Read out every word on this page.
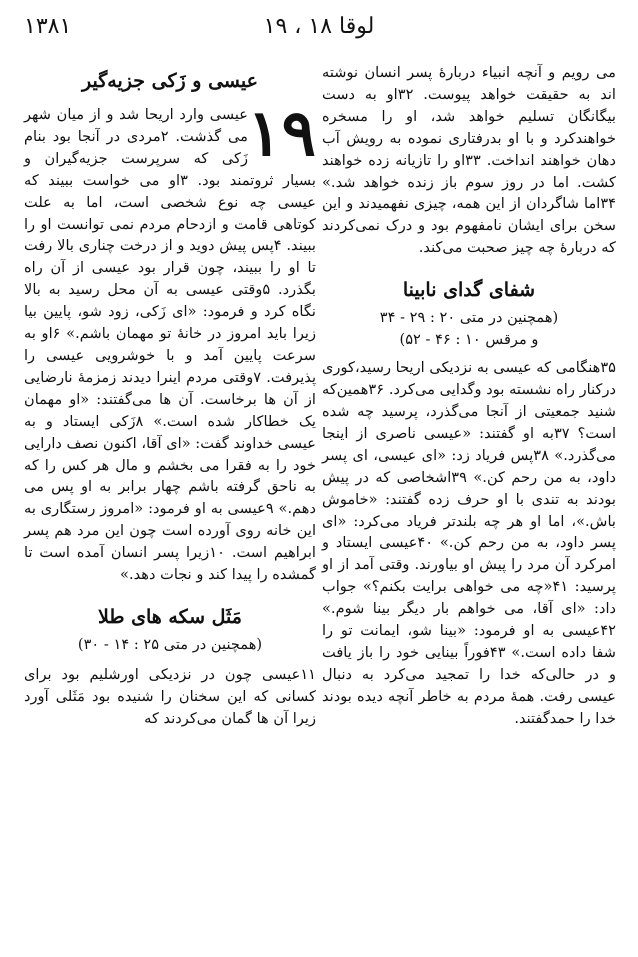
۱۳۸۱	لوقا ۱۸ ، ۱۹

می رویم و آنچه انبیاء دربارهٔ پسر انسان نوشته اند به حقیقت خواهد پیوست. ۳۲او به دست بیگانگان تسلیم خواهد شد، او را مسخره خواهندکرد و با او بدرفتاری نموده به رویش آب دهان خواهند انداخت. ۳۳او را تازیانه زده خواهند کشت. اما در روز سوم باز زنده خواهد شد.» ۳۴اما شاگردان از این همه، چیزی نفهمیدند و این سخن برای ایشان نامفهوم بود و درک نمی‌کردند که دربارهٔ چه چیز صحبت می‌کند.

شفای گدای نابینا
(همچنین در متی ۲۰ : ۲۹ - ۳۴
و مرقس ۱۰ : ۴۶ - ۵۲)

۳۵هنگامی که عیسی به نزدیکی اریحا رسید،کوری درکنار راه نشسته بود وگدایی می‌کرد. ۳۶همین‌که شنید جمعیتی از آنجا می‌گذرد، پرسید چه شده است؟ ۳۷به او گفتند: «عیسی ناصری از اینجا می‌گذرد.» ۳۸پس فریاد زد: «ای عیسی، ای پسر داود، به من رحم کن.» ۳۹اشخاصی که در پیش بودند به تندی با او حرف زده گفتند: «خاموش باش.»، اما او هر چه بلندتر فریاد می‌کرد: «ای پسر داود، به من رحم کن.» ۴۰عیسی ایستاد و امرکرد آن مرد را پیش او بیاورند. وقتی آمد از او پرسید: ۴۱«چه می خواهی برایت بکنم؟» جواب داد: «ای آقا، می خواهم بار دیگر بینا شوم.» ۴۲عیسی به او فرمود: «بینا شو، ایمانت تو را شفا داده است.» ۴۳فوراً بینایی خود را باز یافت و در حالی‌که خدا را تمجید می‌کرد به دنبال عیسی رفت. همهٔ مردم به خاطر آنچه دیده بودند خدا را حمدگفتند.

عیسی و زَکی جزیه‌گیر

۱۹
عیسی وارد اریحا شد و از میان شهر می گذشت. ۲مردی در آنجا بود بنام زَکی که سرپرست جزیه‌گیران و بسیار ثروتمند بود. ۳او می خواست ببیند که عیسی چه نوع شخصی است، اما به علت کوتاهی قامت و ازدحام مردم نمی توانست او را ببیند. ۴پس پیش دوید و از درخت چناری بالا رفت تا او را ببیند، چون قرار بود عیسی از آن راه بگذرد. ۵وقتی عیسی به آن محل رسید به بالا نگاه کرد و فرمود: «ای زَکی، زود شو، پایین بیا زیرا باید امروز در خانهٔ تو مهمان باشم.» ۶او به سرعت پایین آمد و با خوشرویی عیسی را پذیرفت. ۷وقتی مردم اینرا دیدند زمزمهٔ نارضایی از آن ها برخاست. آن ها می‌گفتند: «او مهمان یک خطاکار شده است.» ۸زَکی ایستاد و به عیسی خداوند گفت: «ای آقا، اکنون نصف دارایی خود را به فقرا می بخشم و مال هر کس را که به ناحق گرفته باشم چهار برابر به او پس می دهم.» ۹عیسی به او فرمود: «امروز رستگاری به این خانه روی آورده است چون این مرد هم پسر ابراهیم است. ۱۰زیرا پسر انسان آمده است تا گمشده را پیدا کند و نجات دهد.»

مَثَل سکه های طلا
(همچنین در متی ۲۵ : ۱۴ - ۳۰)

۱۱عیسی چون در نزدیکی اورشلیم بود برای کسانی که این سخنان را شنیده بود مَثَلی آورد زیرا آن ها گمان می‌کردند که
